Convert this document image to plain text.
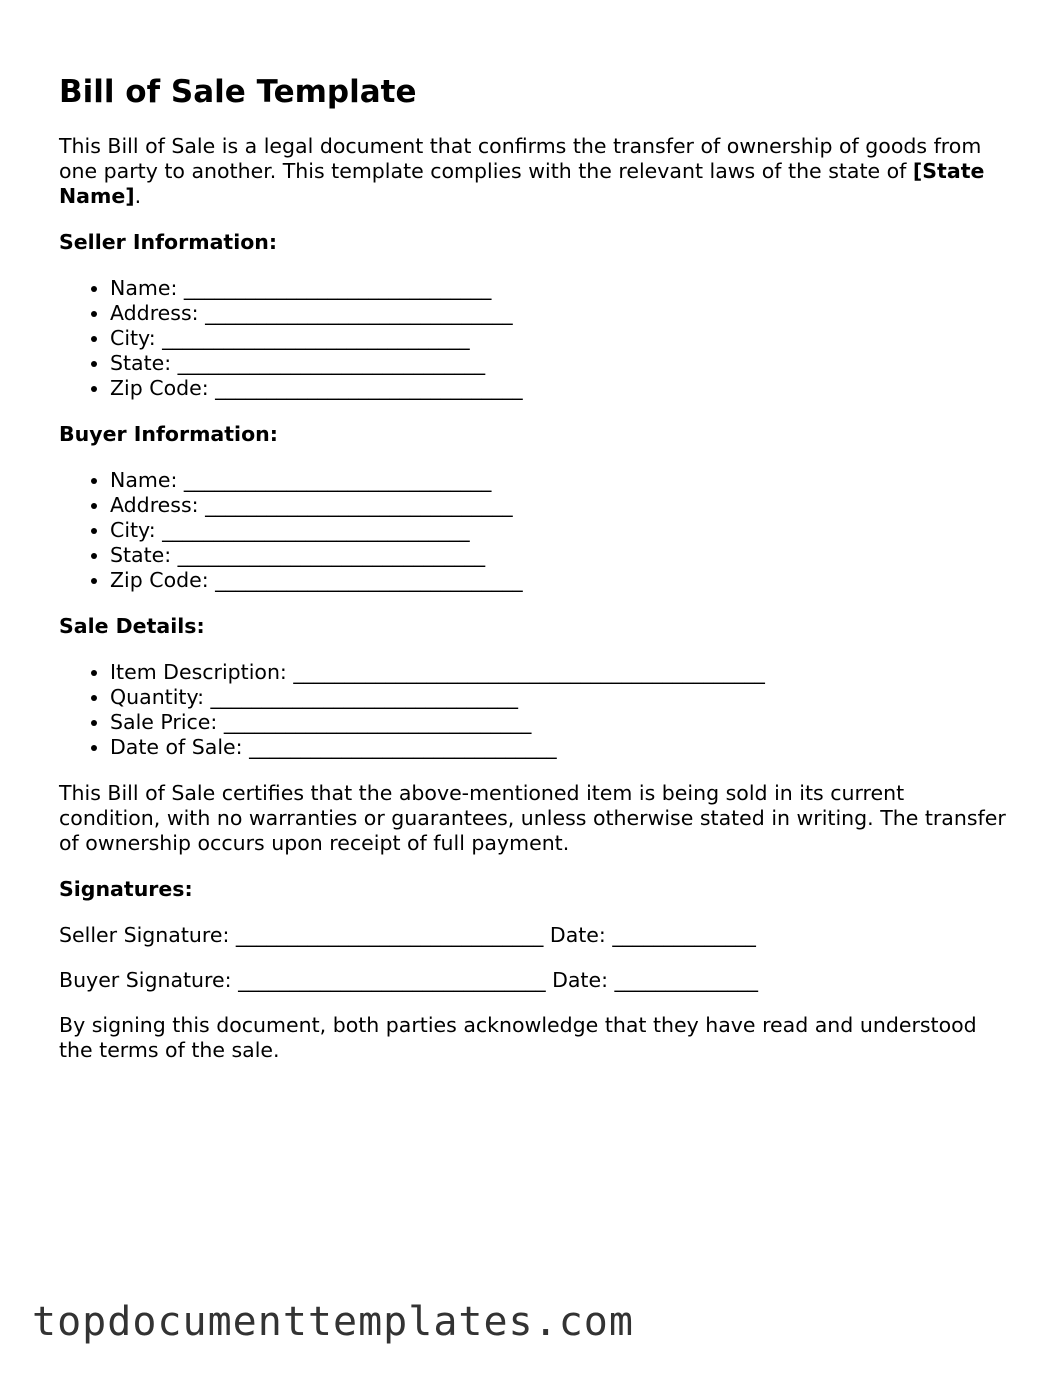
Bill of Sale Template

This Bill of Sale is a legal document that confirms the transfer of ownership of goods from one party to another. This template complies with the relevant laws of the state of [State Name].

Seller Information:

• Name: ______________________________
• Address: ______________________________
• City: ______________________________
• State: ______________________________
• Zip Code: ______________________________

Buyer Information:

• Name: ______________________________
• Address: ______________________________
• City: ______________________________
• State: ______________________________
• Zip Code: ______________________________

Sale Details:

• Item Description: ______________________________________________
• Quantity: ______________________________
• Sale Price: ______________________________
• Date of Sale: ______________________________

This Bill of Sale certifies that the above-mentioned item is being sold in its current condition, with no warranties or guarantees, unless otherwise stated in writing. The transfer of ownership occurs upon receipt of full payment.

Signatures:

Seller Signature: ______________________________ Date: ______________
Buyer Signature: ______________________________ Date: ______________

By signing this document, both parties acknowledge that they have read and understood the terms of the sale.

topdocumenttemplates.com
